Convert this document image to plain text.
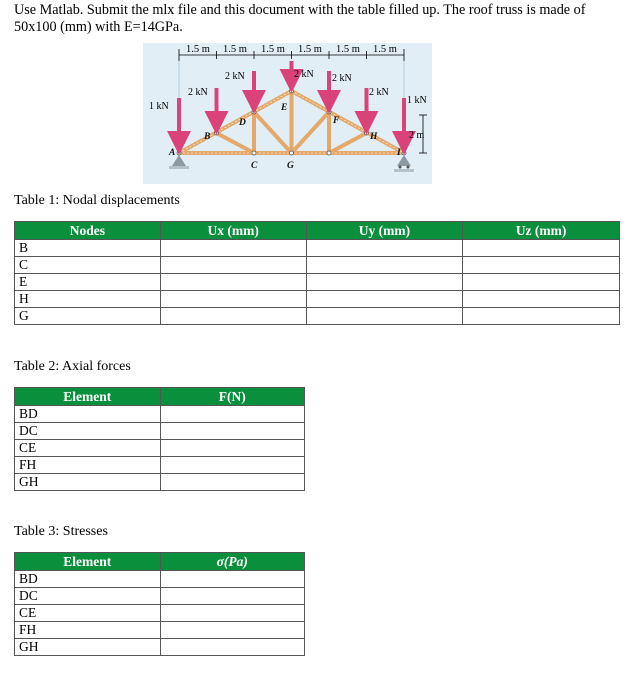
Use Matlab. Submit the mlx file and this document with the table filled up. The roof truss is made of 50x100 (mm) with E=14GPa.

1.5 m 1.5 m 1.5 m 1.5 m 1.5 m 1.5 m
1 kN
2 kN
2 kN	2 kN 2 kN
2 kN
1 kN
2 m
A
B
C
D
E
F
G
H
I

Table 1: Nodal displacements

Nodes	Ux (mm)	Uy (mm)	Uz (mm)
B			
C			
E			
H			
G			

Table 2: Axial forces

Element	F(N)
BD	
DC	
CE	
FH	
GH	

Table 3: Stresses

Element	σ(Pa)
BD	
DC	
CE	
FH	
GH	
